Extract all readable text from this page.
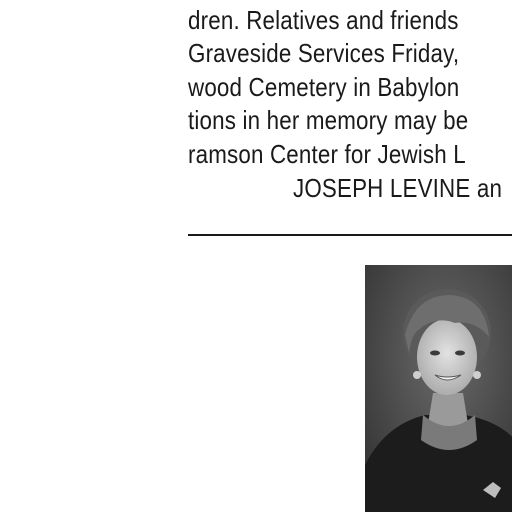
dren. Relatives and friends
Graveside Services Friday,
wood Cemetery in Babylon
tions in her memory may be
ramson Center for Jewish L
JOSEPH LEVINE an
